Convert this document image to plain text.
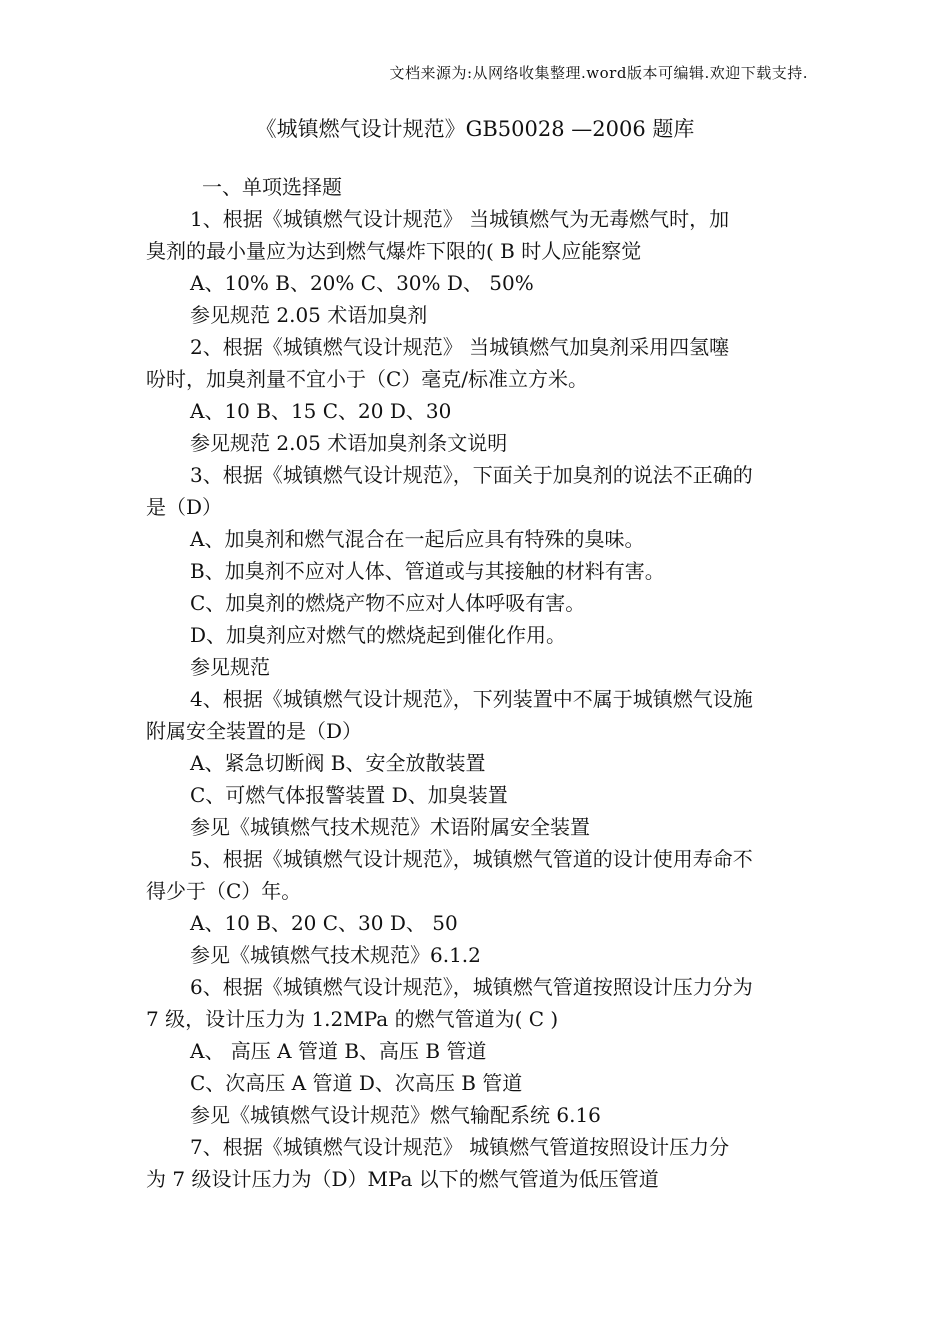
文档来源为:从网络收集整理.word版本可编辑.欢迎下载支持.
《城镇燃气设计规范》GB50028 —2006 题库
一、单项选择题
1、根据《城镇燃气设计规范》 当城镇燃气为无毒燃气时，加
臭剂的最小量应为达到燃气爆炸下限的( B 时人应能察觉
A、10% B、20% C、30% D、 50%
参见规范 2.05 术语加臭剂
2、根据《城镇燃气设计规范》 当城镇燃气加臭剂采用四氢噻
吩时，加臭剂量不宜小于（C）毫克/标准立方米。
A、10 B、15 C、20 D、30
参见规范 2.05 术语加臭剂条文说明
3、根据《城镇燃气设计规范》，下面关于加臭剂的说法不正确的
是（D）
A、加臭剂和燃气混合在一起后应具有特殊的臭味。
B、加臭剂不应对人体、管道或与其接触的材料有害。
C、加臭剂的燃烧产物不应对人体呼吸有害。
D、加臭剂应对燃气的燃烧起到催化作用。
参见规范
4、根据《城镇燃气设计规范》，下列装置中不属于城镇燃气设施
附属安全装置的是（D）
A、紧急切断阀 B、安全放散装置
C、可燃气体报警装置 D、加臭装置
参见《城镇燃气技术规范》术语附属安全装置
5、根据《城镇燃气设计规范》，城镇燃气管道的设计使用寿命不
得少于（C）年。
A、10 B、20 C、30 D、 50
参见《城镇燃气技术规范》6.1.2
6、根据《城镇燃气设计规范》，城镇燃气管道按照设计压力分为
7 级，设计压力为 1.2MPa 的燃气管道为( C )
A、 高压 A 管道 B、高压 B 管道
C、次高压 A 管道 D、次高压 B 管道
参见《城镇燃气设计规范》燃气输配系统 6.16
7、根据《城镇燃气设计规范》 城镇燃气管道按照设计压力分
为 7 级设计压力为（D）MPa 以下的燃气管道为低压管道
